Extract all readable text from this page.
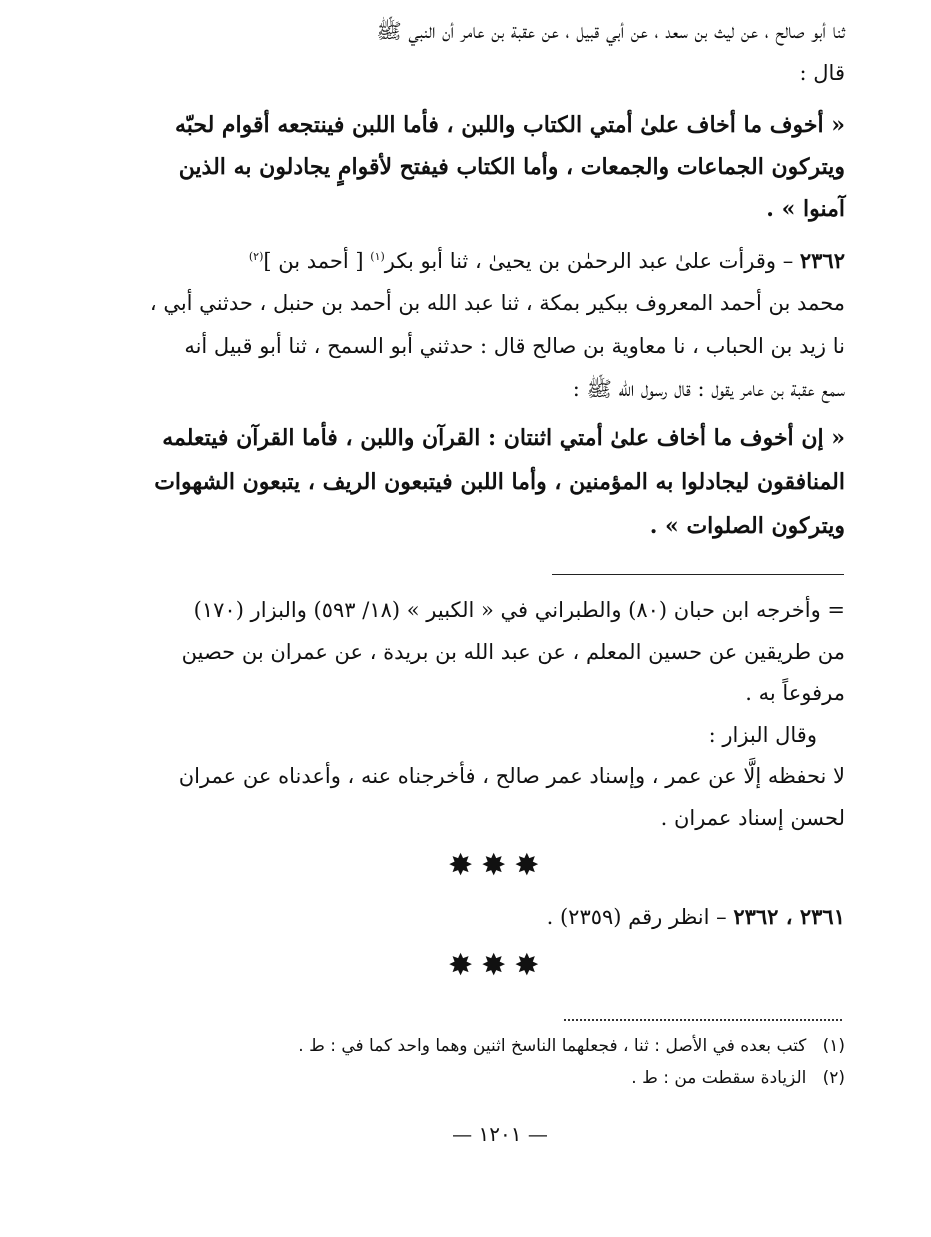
ثنا أبو صالح ، عن ليث بن سعد ، عن أبي قبيل ، عن عقبة بن عامر أن النبي ﷺ
قال :
« أخوف ما أخاف علىٰ أمتي الكتاب واللبن ، فأما اللبن فينتجعه أقوام لحبّه
ويتركون الجماعات والجمعات ، وأما الكتاب فيفتح لأقوامٍ يجادلون به الذين
آمنوا » .
٢٣٦٢ – وقرأت علىٰ عبد الرحمٰن بن يحيىٰ ، ثنا أبو بكر$^{(١)}$ [ أحمد بن ]$^{(٢)}$
محمد بن أحمد المعروف ببكير بمكة ، ثنا عبد الله بن أحمد بن حنبل ، حدثني أبي ،
نا زيد بن الحباب ، نا معاوية بن صالح قال : حدثني أبو السمح ، ثنا أبو قبيل أنه
سمع عقبة بن عامر يقول : قال رسول الله ﷺ :
« إن أخوف ما أخاف علىٰ أمتي اثنتان : القرآن واللبن ، فأما القرآن فيتعلمه
المنافقون ليجادلوا به المؤمنين ، وأما اللبن فيتبعون الريف ، يتبعون الشهوات
ويتركون الصلوات » .
= وأخرجه ابن حبان (٨٠) والطبراني في « الكبير » (١٨/ ٥٩٣) والبزار (١٧٠)
من طريقين عن حسين المعلم ، عن عبد الله بن بريدة ، عن عمران بن حصين
مرفوعاً به .
وقال البزار :
لا نحفظه إلَّا عن عمر ، وإسناد عمر صالح ، فأخرجناه عنه ، وأعدناه عن عمران
لحسن إسناد عمران .
✸✸✸
٢٣٦١ ، ٢٣٦٢ – انظر رقم (٢٣٥٩) .
✸✸✸
(١)   كتب بعده في الأصل : ثنا ، فجعلهما الناسخ اثنين وهما واحد كما في : ط .
(٢)   الزيادة سقطت من : ط .
— ١٢٠١ —
